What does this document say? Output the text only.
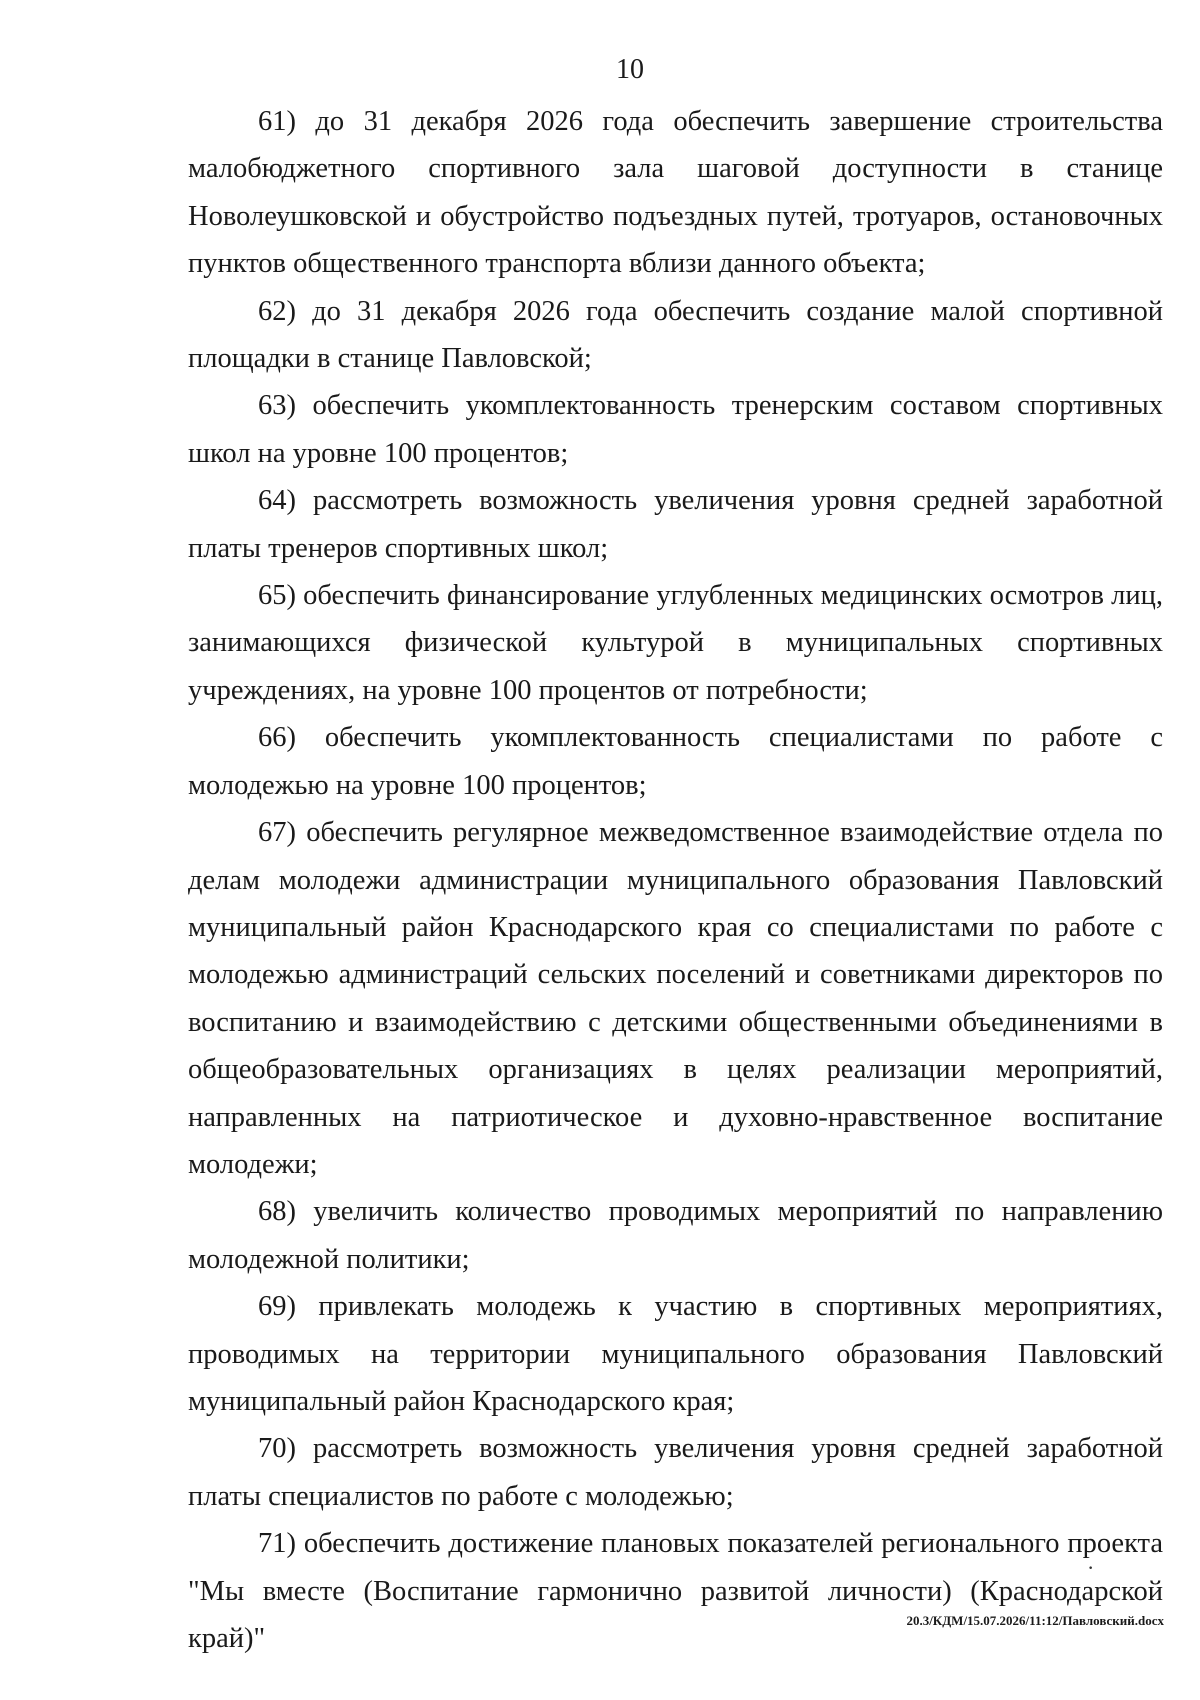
10

61) до 31 декабря 2026 года обеспечить завершение строительства малобюджетного спортивного зала шаговой доступности в станице Новолеушковской и обустройство подъездных путей, тротуаров, остановочных пунктов общественного транспорта вблизи данного объекта;

62) до 31 декабря 2026 года обеспечить создание малой спортивной площадки в станице Павловской;

63) обеспечить укомплектованность тренерским составом спортивных школ на уровне 100 процентов;

64) рассмотреть возможность увеличения уровня средней заработной платы тренеров спортивных школ;

65) обеспечить финансирование углубленных медицинских осмотров лиц, занимающихся физической культурой в муниципальных спортивных учреждениях, на уровне 100 процентов от потребности;

66) обеспечить укомплектованность специалистами по работе с молодежью на уровне 100 процентов;

67) обеспечить регулярное межведомственное взаимодействие отдела по делам молодежи администрации муниципального образования Павловский муниципальный район Краснодарского края со специалистами по работе с молодежью администраций сельских поселений и советниками директоров по воспитанию и взаимодействию с детскими общественными объединениями в общеобразовательных организациях в целях реализации мероприятий, направленных на патриотическое и духовно-нравственное воспитание молодежи;

68) увеличить количество проводимых мероприятий по направлению молодежной политики;

69) привлекать молодежь к участию в спортивных мероприятиях, проводимых на территории муниципального образования Павловский муниципальный район Краснодарского края;

70) рассмотреть возможность увеличения уровня средней заработной платы специалистов по работе с молодежью;

71) обеспечить достижение плановых показателей регионального проекта "Мы вместе (Воспитание гармонично развитой личности) (Краснодарской край)"

·
20.3/КДМ/15.07.2026/11:12/Павловский.docx
